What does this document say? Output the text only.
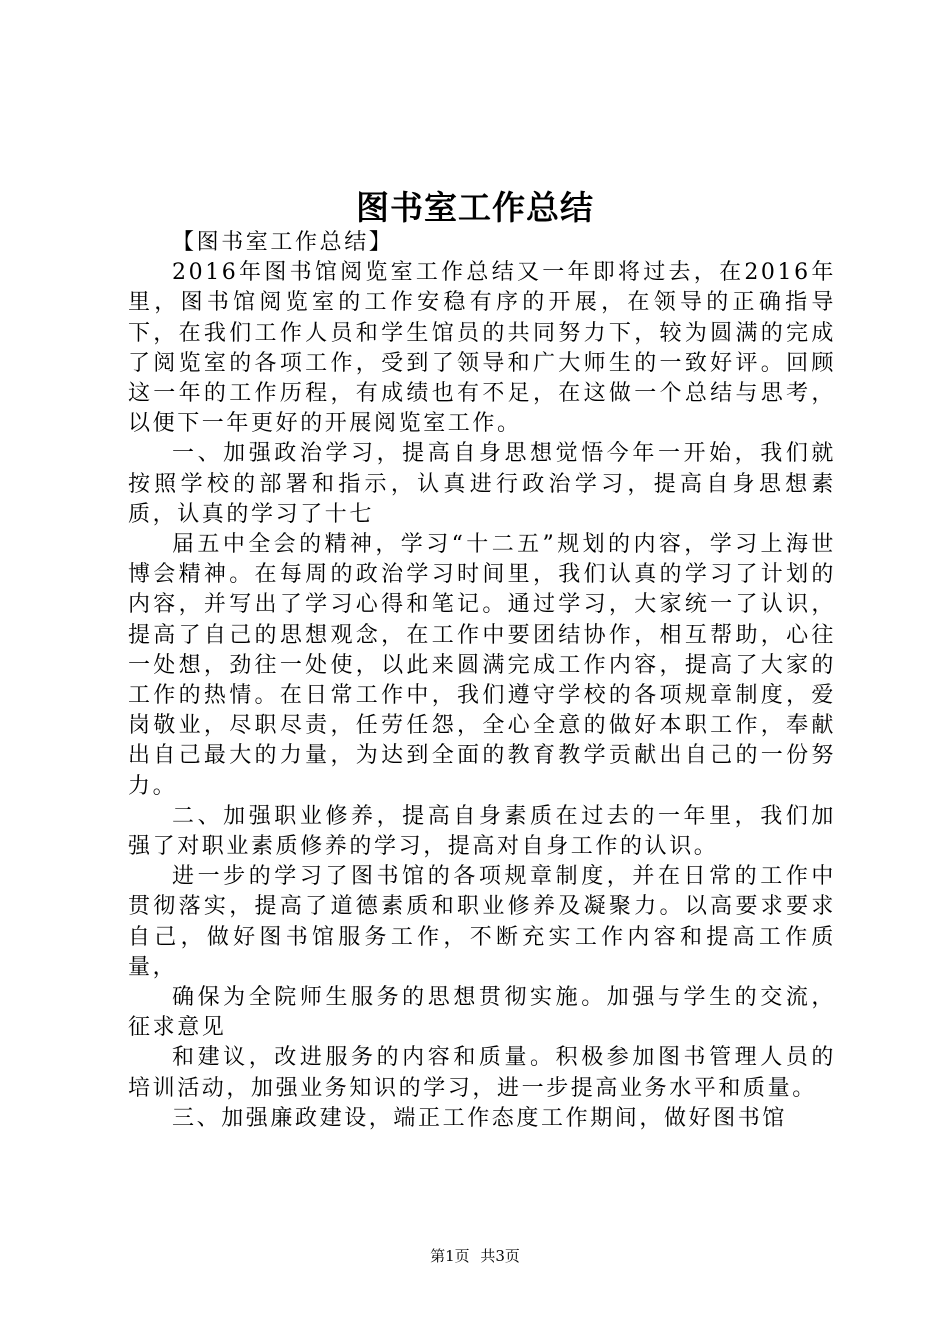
图书室工作总结

【图书室工作总结】

2016年图书馆阅览室工作总结又一年即将过去，在2016年里，图书馆阅览室的工作安稳有序的开展，在领导的正确指导下，在我们工作人员和学生馆员的共同努力下，较为圆满的完成了阅览室的各项工作，受到了领导和广大师生的一致好评。回顾这一年的工作历程，有成绩也有不足，在这做一个总结与思考，以便下一年更好的开展阅览室工作。

一、加强政治学习，提高自身思想觉悟今年一开始，我们就按照学校的部署和指示，认真进行政治学习，提高自身思想素质，认真的学习了十七

届五中全会的精神，学习“十二五”规划的内容，学习上海世博会精神。在每周的政治学习时间里，我们认真的学习了计划的内容，并写出了学习心得和笔记。通过学习，大家统一了认识，提高了自己的思想观念，在工作中要团结协作，相互帮助，心往一处想，劲往一处使，以此来圆满完成工作内容，提高了大家的工作的热情。在日常工作中，我们遵守学校的各项规章制度，爱岗敬业，尽职尽责，任劳任怨，全心全意的做好本职工作，奉献出自己最大的力量，为达到全面的教育教学贡献出自己的一份努力。

二、加强职业修养，提高自身素质在过去的一年里，我们加强了对职业素质修养的学习，提高对自身工作的认识。

进一步的学习了图书馆的各项规章制度，并在日常的工作中贯彻落实，提高了道德素质和职业修养及凝聚力。以高要求要求自己，做好图书馆服务工作，不断充实工作内容和提高工作质量，

确保为全院师生服务的思想贯彻实施。加强与学生的交流，征求意见

和建议，改进服务的内容和质量。积极参加图书管理人员的培训活动，加强业务知识的学习，进一步提高业务水平和质量。

三、加强廉政建设，端正工作态度工作期间，做好图书馆

第1页 共3页
